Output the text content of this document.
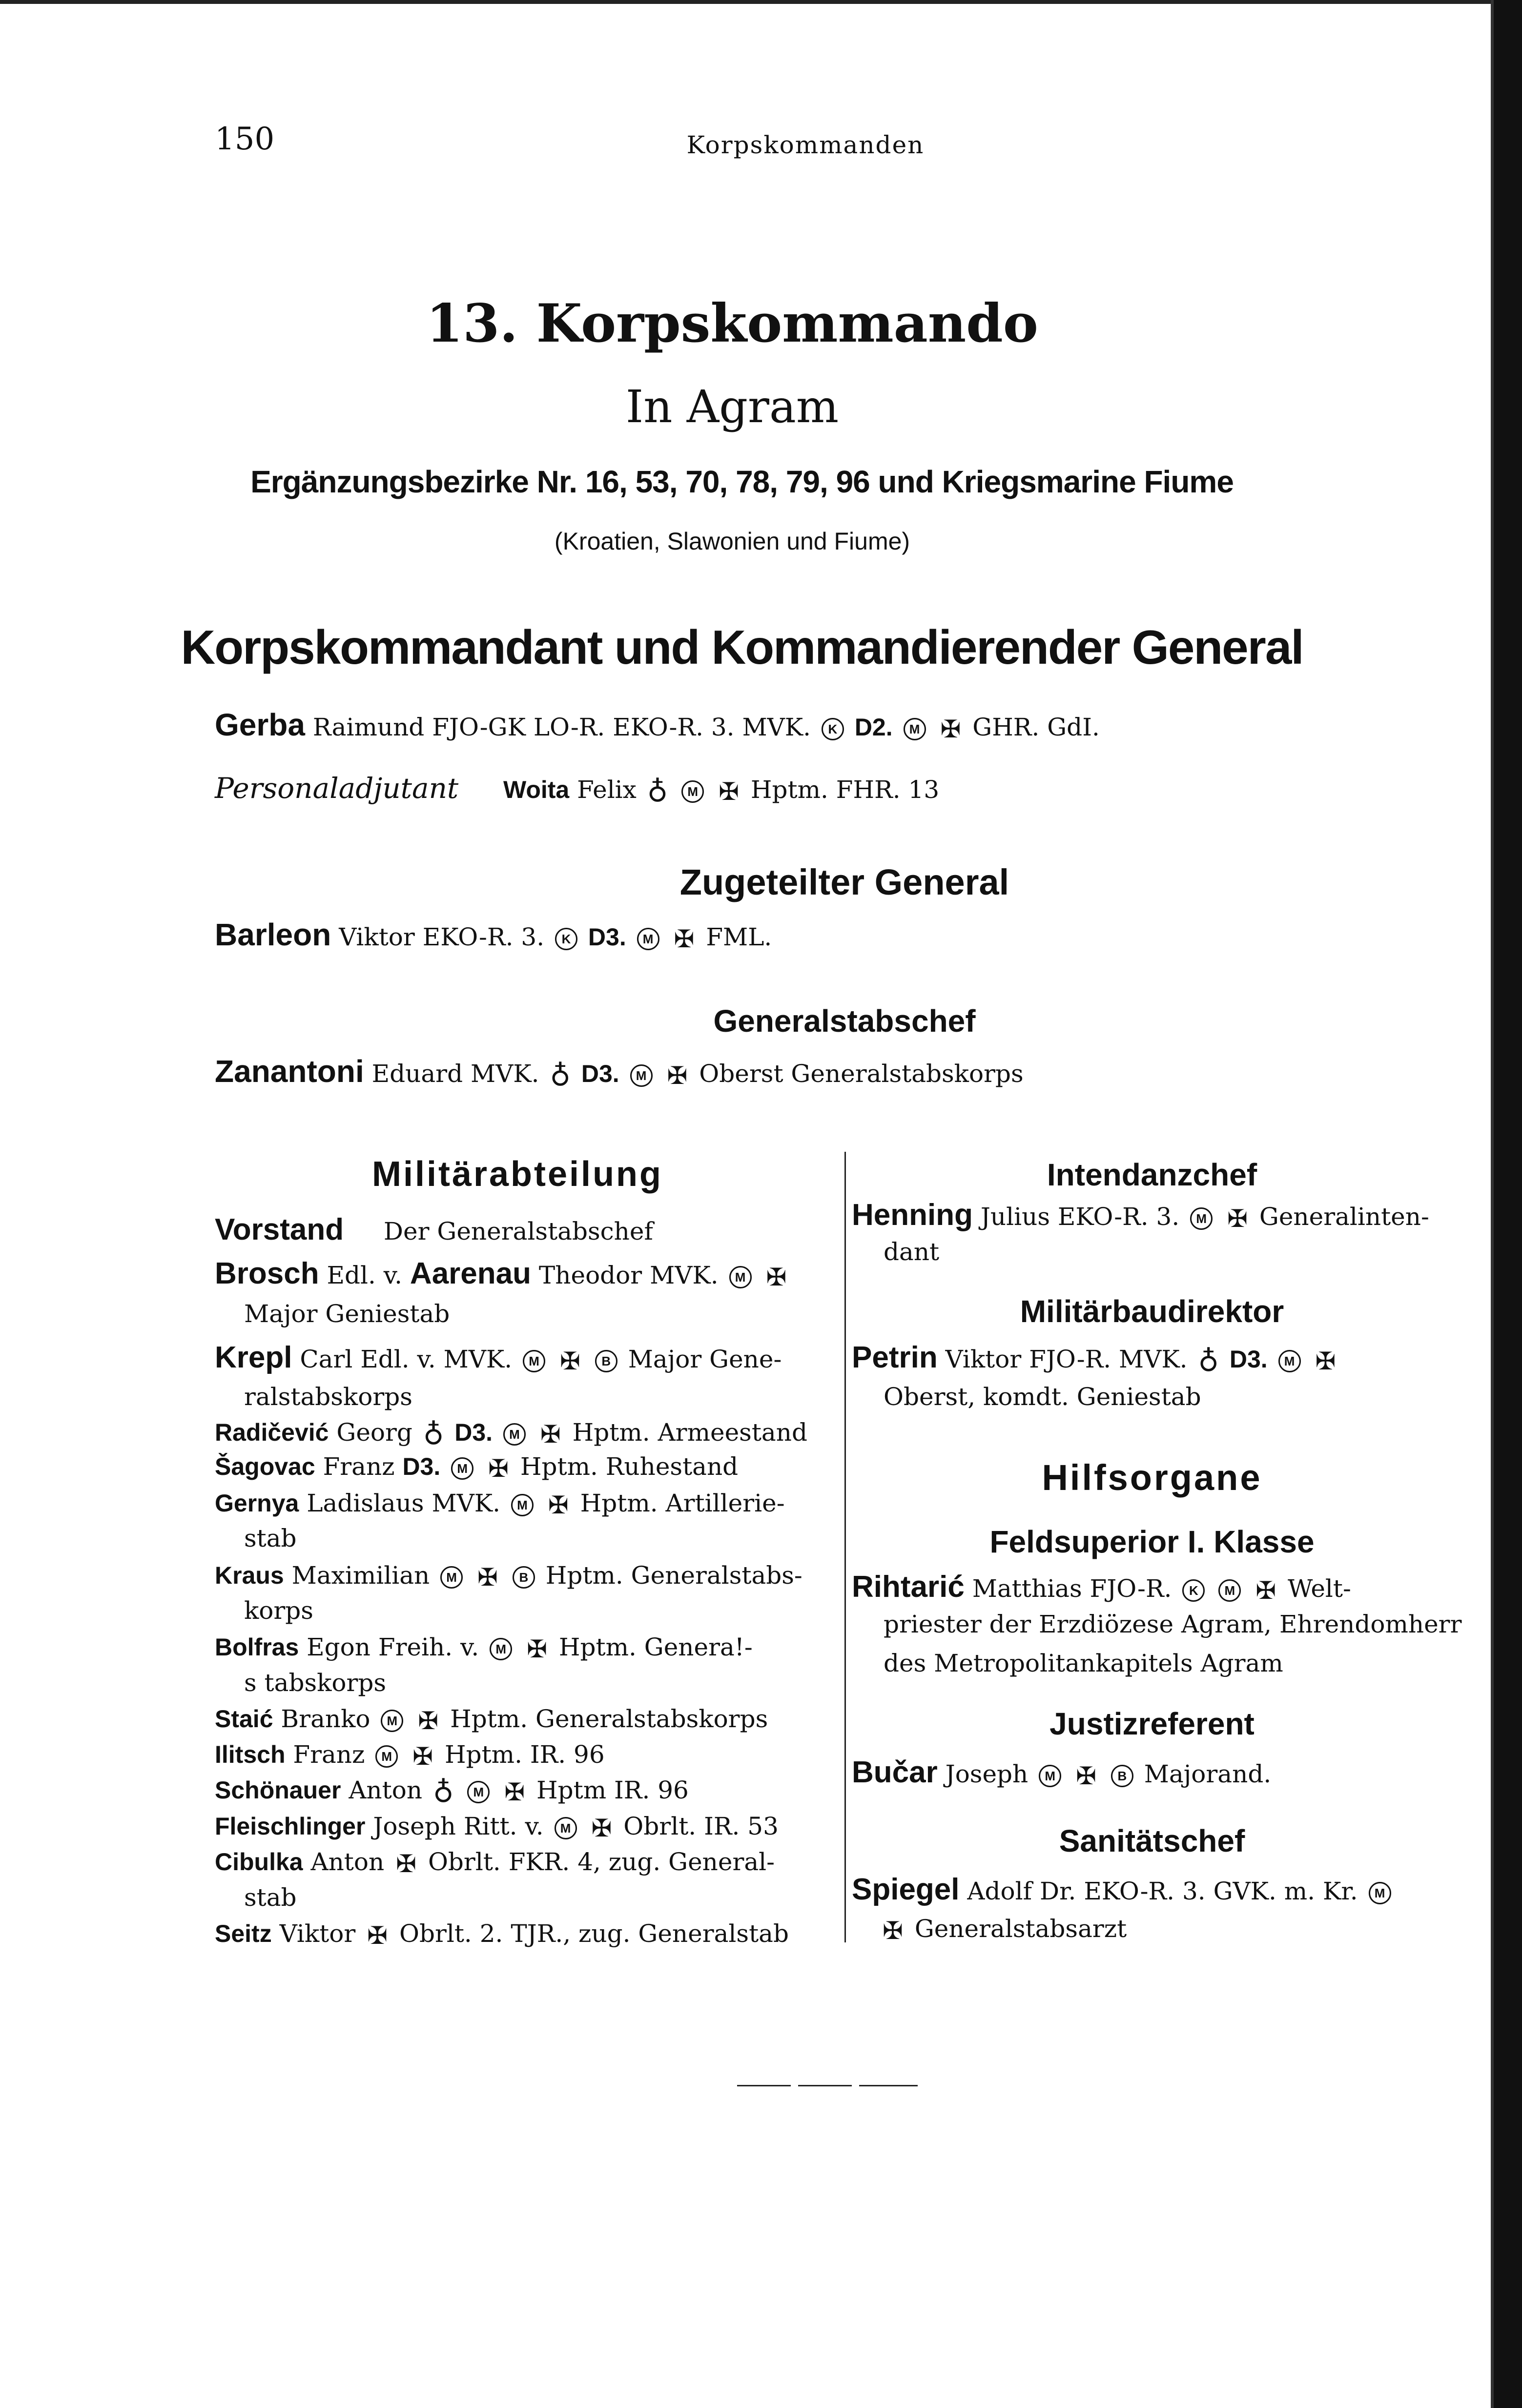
150	Korpskommanden
13. Korpskommando
In Agram
Ergänzungsbezirke Nr. 16, 53, 70, 78, 79, 96 und Kriegsmarine Fiume
(Kroatien, Slawonien und Fiume)
Korpskommandant und Kommandierender General
Gerba Raimund FJO-GK LO-R. EKO-R. 3. MVK. K D2. M ✠ GHR. GdI.
Personaladjutant Woita Felix ♁ M ✠ Hptm. FHR. 13
Zugeteilter General
Barleon Viktor EKO-R. 3. K D3. M ✠ FML.
Generalstabschef
Zanantoni Eduard MVK. ♁ D3. M ✠ Oberst Generalstabskorps
Militärabteilung
Vorstand Der Generalstabschef
Brosch Edl. v. Aarenau Theodor MVK. M ✠
Major Geniestab
Krepl Carl Edl. v. MVK. M ✠ B Major Gene-
ralstabskorps
Radičević Georg ♁ D3. M ✠ Hptm. Armeestand
Šagovac Franz D3. M ✠ Hptm. Ruhestand
Gernya Ladislaus MVK. M ✠ Hptm. Artillerie-
stab
Kraus Maximilian M ✠ B Hptm. Generalstabs-
korps
Bolfras Egon Freih. v. M ✠ Hptm. Genera!-
s tabskorps
Staić Branko M ✠ Hptm. Generalstabskorps
Ilitsch Franz M ✠ Hptm. IR. 96
Schönauer Anton ♁ M ✠ Hptm IR. 96
Fleischlinger Joseph Ritt. v. M ✠ Obrlt. IR. 53
Cibulka Anton ✠ Obrlt. FKR. 4, zug. General-
stab
Seitz Viktor ✠ Obrlt. 2. TJR., zug. Generalstab
Intendanzchef
Henning Julius EKO-R. 3. M ✠ Generalinten-
dant
Militärbaudirektor
Petrin Viktor FJO-R. MVK. ♁ D3. M ✠
Oberst, komdt. Geniestab
Hilfsorgane
Feldsuperior I. Klasse
Rihtarić Matthias FJO-R. K M ✠ Welt-
priester der Erzdiözese Agram, Ehrendomherr
des Metropolitankapitels Agram
Justizreferent
Bučar Joseph M ✠ B Majorand.
Sanitätschef
Spiegel Adolf Dr. EKO-R. 3. GVK. m. Kr. M
✠ Generalstabsarzt
